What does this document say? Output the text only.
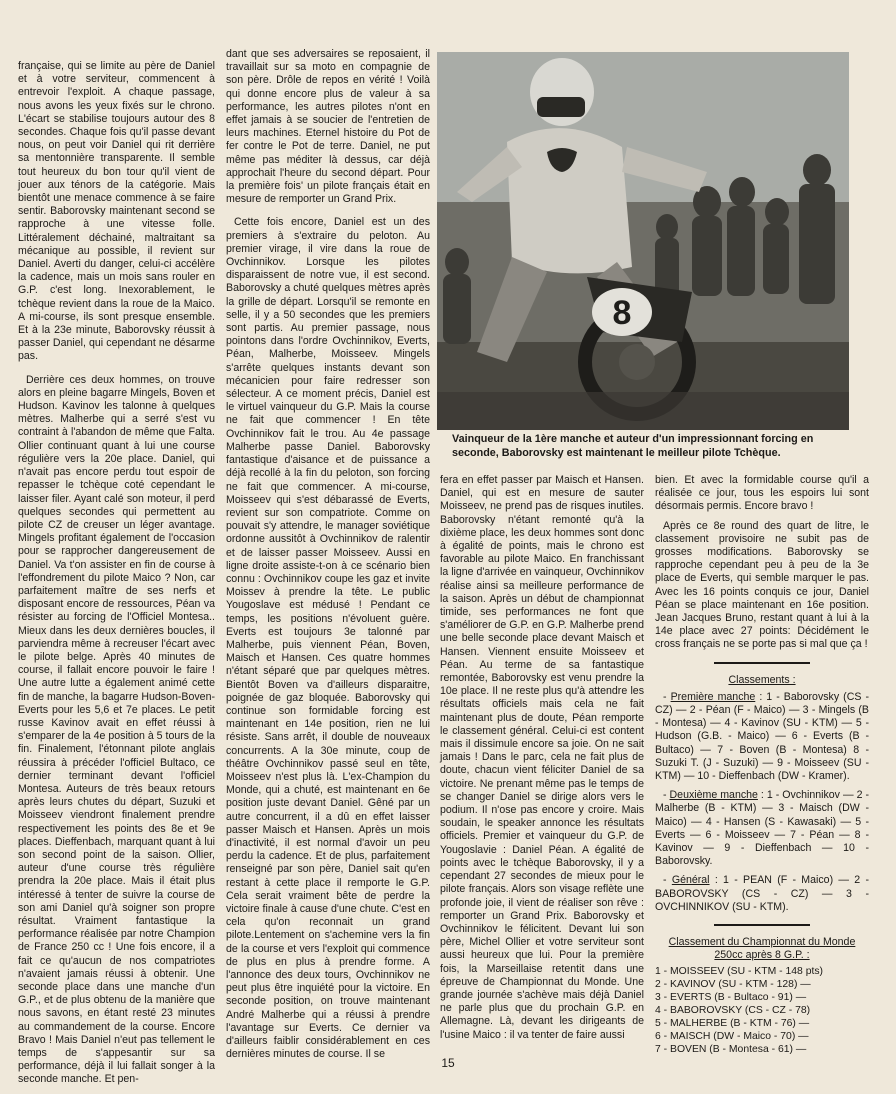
française, qui se limite au père de Daniel et à votre serviteur, commencent à entrevoir l'exploit. A chaque passage, nous avons les yeux fixés sur le chrono. L'écart se stabilise toujours autour des 8 secondes. Chaque fois qu'il passe devant nous, on peut voir Daniel qui rit derrière sa mentonnière transparente. Il semble tout heureux du bon tour qu'il vient de jouer aux ténors de la catégorie. Mais bientôt une menace commence à se faire sentir. Baborovsky maintenant second se rapproche à une vitesse folle. Littéralement déchainé, maltraitant sa mécanique au possible, il revient sur Daniel. Averti du danger, celui-ci accélère la cadence, mais un mois sans rouler en G.P. c'est long. Inexorablement, le tchèque revient dans la roue de la Maico. A mi-course, ils sont presque ensemble. Et à la 23e minute, Baborovsky réussit à passer Daniel, qui cependant ne désarme pas.

Derrière ces deux hommes, on trouve alors en pleine bagarre Mingels, Boven et Hudson. Kavinov les talonne à quelques mètres. Malherbe qui a serré s'est vu contraint à l'abandon de même que Falta. Ollier continuant quant à lui une course régulière vers la 20e place. Daniel, qui n'avait pas encore perdu tout espoir de repasser le tchèque coté cependant le laisser filer. Ayant calé son moteur, il perd quelques secondes qui permettent au pilote CZ de creuser un léger avantage. Mingels profitant également de l'occasion pour se rapprocher dangereusement de Daniel. Va t'on assister en fin de course à l'effondrement du pilote Maico ? Non, car parfaitement maître de ses nerfs et disposant encore de ressources, Péan va résister au forcing de l'Officiel Montesa.. Mieux dans les deux dernières boucles, il parviendra même à recreuser l'écart avec le pilote belge. Après 40 minutes de course, il fallait encore pouvoir le faire ! Une autre lutte a également animé cette fin de manche, la bagarre Hudson-Boven-Everts pour les 5,6 et 7e places. Le petit russe Kavinov avait en effet réussi à s'emparer de la 4e position à 5 tours de la fin. Finalement, l'étonnant pilote anglais réussira à précéder l'officiel Bultaco, ce dernier terminant devant l'officiel Montesa. Auteurs de très beaux retours après leurs chutes du départ, Suzuki et Moisseev viendront finalement prendre respectivement les points des 8e et 9e places. Dieffenbach, marquant quant à lui son second point de la saison. Ollier, auteur d'une course très régulière prendra la 20e place. Mais il était plus intéressé à tenter de suivre la course de son ami Daniel qu'à soigner son propre résultat. Vraiment fantastique la performance réalisée par notre Champion de France 250 cc ! Une fois encore, il a fait ce qu'aucun de nos compatriotes n'avaient jamais réussi à obtenir. Une seconde place dans une manche d'un G.P., et de plus obtenu de la manière que nous savons, en étant resté 23 minutes au commandement de la course. Encore Bravo ! Mais Daniel n'eut pas tellement le temps de s'appesantir sur sa performance, déjà il lui fallait songer à la seconde manche. Et pen-

dant que ses adversaires se reposaient, il travaillait sur sa moto en compagnie de son père. Drôle de repos en vérité ! Voilà qui donne encore plus de valeur à sa performance, les autres pilotes n'ont en effet jamais à se soucier de l'entretien de leurs machines. Eternel histoire du Pot de fer contre le Pot de terre. Daniel, ne put même pas méditer là dessus, car déjà approchait l'heure du second départ. Pour la première fois' un pilote français était en mesure de remporter un Grand Prix.

Cette fois encore, Daniel est un des premiers à s'extraire du peloton. Au premier virage, il vire dans la roue de Ovchinnikov. Lorsque les pilotes disparaissent de notre vue, il est second. Baborovsky a chuté quelques mètres après la grille de départ. Lorsqu'il se remonte en selle, il y a 50 secondes que les premiers sont partis. Au premier passage, nous pointons dans l'ordre Ovchinnikov, Everts, Péan, Malherbe, Moisseev. Mingels s'arrête quelques instants devant son mécanicien pour faire redresser son sélecteur. A ce moment précis, Daniel est le virtuel vainqueur du G.P. Mais la course ne fait que commencer ! En tête Ovchinnikov fait le trou. Au 4e passage Malherbe passe Daniel. Baborovsky fantastique d'aisance et de puissance a déjà recollé à la fin du peloton, son forcing ne fait que commencer. A mi-course, Moisseev qui s'est débarassé de Everts, revient sur son compatriote. Comme on pouvait s'y attendre, le manager soviétique ordonne aussitôt à Ovchinnikov de ralentir et de laisser passer Moisseev. Aussi en ligne droite assiste-t-on à ce scénario bien connu : Ovchinnikov coupe les gaz et invite Moissev à prendre la tête. Le public Yougoslave est médusé ! Pendant ce temps, les positions n'évoluent guère. Everts est toujours 3e talonné par Malherbe, puis viennent Péan, Boven, Maisch et Hansen. Ces quatre hommes n'étant séparé que par quelques mètres. Bientôt Boven va d'ailleurs disparaitre, poignée de gaz bloquée. Baborovsky qui continue son formidable forcing est maintenant en 14e position, rien ne lui résiste. Sans arrêt, il double de nouveaux concurrents. A la 30e minute, coup de théâtre Ovchinnikov passé seul en tête, Moisseev n'est plus là. L'ex-Champion du Monde, qui a chuté, est maintenant en 6e position juste devant Daniel. Gêné par un autre concurrent, il a dû en effet laisser passer Maisch et Hansen. Après un mois d'inactivité, il est normal d'avoir un peu perdu la cadence. Et de plus, parfaitement renseigné par son père, Daniel sait qu'en restant à cette place il remporte le G.P. Cela serait vraiment bête de perdre la victoire finale à cause d'une chute. C'est en cela qu'on reconnait un grand pilote.Lentement on s'achemine vers la fin de la course et vers l'exploit qui commence de plus en plus à prendre forme. A l'annonce des deux tours, Ovchinnikov ne peut plus être inquiété pour la victoire. En seconde position, on trouve maintenant André Malherbe qui a réussi à prendre l'avantage sur Everts. Ce dernier va d'ailleurs faiblir considérablement en ces dernières minutes de course. Il se

8
Vainqueur de la 1ère manche et auteur d'un impressionnant forcing en seconde, Baborovsky est maintenant le meilleur pilote Tchèque.

fera en effet passer par Maisch et Hansen. Daniel, qui est en mesure de sauter Moisseev, ne prend pas de risques inutiles. Baborovsky n'étant remonté qu'à la dixième place, les deux hommes sont donc à égalité de points, mais le chrono est favorable au pilote Maico. En franchissant la ligne d'arrivée en vainqueur, Ovchinnikov réalise ainsi sa meilleure performance de la saison. Après un début de championnat timide, ses performances ne font que s'améliorer de G.P. en G.P. Malherbe prend une belle seconde place devant Maisch et Hansen. Viennent ensuite Moisseev et Péan. Au terme de sa fantastique remontée, Baborovsky est venu prendre la 10e place. Il ne reste plus qu'à attendre les résultats officiels mais cela ne fait maintenant plus de doute, Péan remporte le classement général. Celui-ci est content mais il dissimule encore sa joie. On ne sait jamais ! Dans le parc, cela ne fait plus de doute, chacun vient féliciter Daniel de sa victoire. Ne prenant même pas le temps de se changer Daniel se dirige alors vers le podium. Il n'ose pas encore y croire. Mais soudain, le speaker annonce les résultats officiels. Premier et vainqueur du G.P. de Yougoslavie : Daniel Péan. A égalité de points avec le tchèque Baborovsky, il y a cependant 27 secondes de mieux pour le pilote français. Alors son visage reflète une profonde joie, il vient de réaliser son rêve : remporter un Grand Prix. Baborovsky et Ovchinnikov le félicitent. Devant lui son père, Michel Ollier et votre serviteur sont aussi heureux que lui. Pour la première fois, la Marseillaise retentit dans une épreuve de Championnat du Monde. Une grande journée s'achève mais déjà Daniel ne parle plus que du prochain G.P. en Allemagne. Là, devant les dirigeants de l'usine Maico : il va tenter de faire aussi

bien. Et avec la formidable course qu'il a réalisée ce jour, tous les espoirs lui sont désormais permis. Encore bravo !

Après ce 8e round des quart de litre, le classement provisoire ne subit pas de grosses modifications. Baborovsky se rapproche cependant peu à peu de la 3e place de Everts, qui semble marquer le pas. Avec les 16 points conquis ce jour, Daniel Péan se place maintenant en 16e position. Jean Jacques Bruno, restant quant à lui à la 14e place avec 27 points: Décidément le cross français ne se porte pas si mal que ça !

Classements :

- Première manche : 1 - Baborovsky (CS - CZ) — 2 - Péan (F - Maico) — 3 - Mingels (B - Montesa) — 4 - Kavinov (SU - KTM) — 5 - Hudson (G.B. - Maico) — 6 - Everts (B - Bultaco) — 7 - Boven (B - Montesa) 8 - Suzuki T. (J - Suzuki) — 9 - Moisseev (SU - KTM) — 10 - Dieffenbach (DW - Kramer).

- Deuxième manche : 1 - Ovchinnikov — 2 - Malherbe (B - KTM) — 3 - Maisch (DW - Maico) — 4 - Hansen (S - Kawasaki) — 5 - Everts — 6 - Moisseev — 7 - Péan — 8 - Kavinov — 9 - Dieffenbach — 10 - Baborovsky.

- Général : 1 - PEAN (F - Maico) — 2 - BABOROVSKY (CS - CZ) — 3 - OVCHINNIKOV (SU - KTM).

Classement du Championnat du Monde 250cc après 8 G.P. :
1 - MOISSEEV (SU - KTM - 148 pts)
2 - KAVINOV (SU - KTM - 128) —
3 - EVERTS (B - Bultaco - 91) —
4 - BABOROVSKY (CS - CZ - 78)
5 - MALHERBE (B - KTM - 76) —
6 - MAISCH (DW - Maico - 70) —
7 - BOVEN (B - Montesa - 61) —
15
